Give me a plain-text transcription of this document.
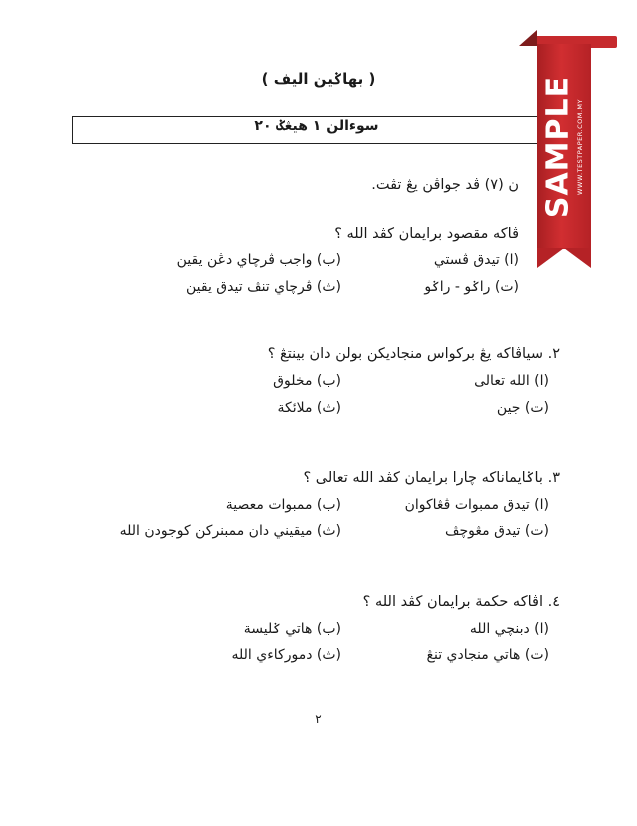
( بهاݢين اليف )
سوءالن ١ هيڠݢ ٢٠
ن (٧) ڤد جواڤن يڠ تڤت.
ڤاكه مقصود برايمان كڤد الله ؟
(ا) تيدق ڤستي
(ب) واجب ڤرچاي دڠن يقين
(ت) راݢو - راݢو
(ث) ڤرچاي تنڤ تيدق يقين
٢. سياڤاكه يڠ بركواس منجاديكن بولن دان بينتڠ ؟
(ا) الله تعالى
(ب) مخلوق
(ت) جين
(ث) ملائكة
٣. باݢايماناكه چارا برايمان كڤد الله تعالى ؟
(ا) تيدق ممبوات ڤڠاكوان
(ب) ممبوات معصية
(ت) تيدق مڠوچڤ
(ث) ميقيني دان ممبنركن كوجودن الله
٤. اڤاكه حكمة برايمان كڤد الله ؟
(ا) دبنچي الله
(ب) هاتي ݢليسة
(ت) هاتي منجادي تنڠ
(ث) دموركاءي الله
٢
SAMPLE WWW.TESTPAPER.COM.MY
